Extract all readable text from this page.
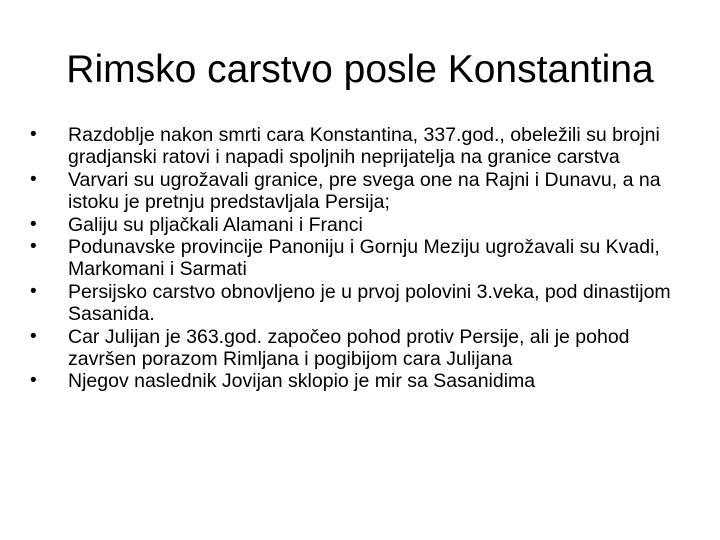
Rimsko carstvo posle Konstantina
•	Razdoblje nakon smrti cara Konstantina, 337.god., obeležili su brojni gradjanski ratovi i napadi spoljnih neprijatelja na granice carstva
•	Varvari su ugrožavali granice, pre svega one na Rajni i Dunavu, a na istoku je pretnju predstavljala Persija;
•	Galiju su pljačkali Alamani i Franci
•	Podunavske provincije Panoniju i Gornju Meziju ugrožavali su Kvadi, Markomani i Sarmati
•	Persijsko carstvo obnovljeno je u prvoj polovini 3.veka, pod dinastijom Sasanida.
•	Car Julijan je 363.god. započeo pohod protiv Persije, ali je pohod završen porazom Rimljana i pogibijom cara Julijana
•	Njegov naslednik Jovijan sklopio je mir sa Sasanidima
